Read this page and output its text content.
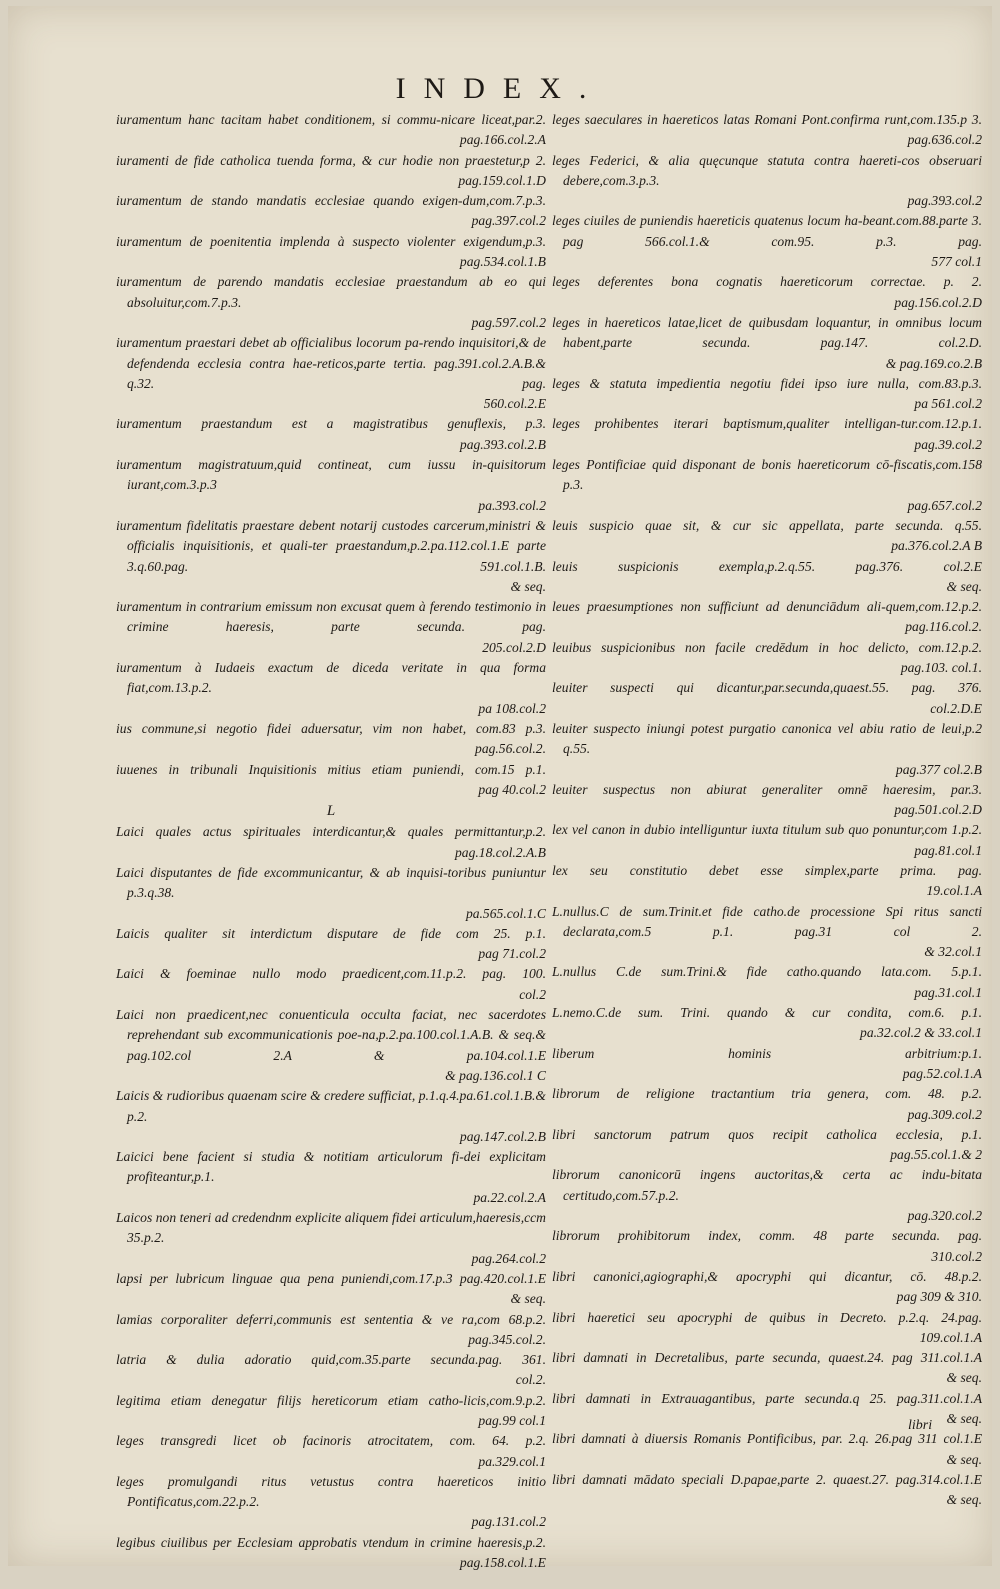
INDEX.
iuramentum hanc tacitam habet conditionem, si commu-nicare liceat,par.2.
pag.166.col.2.A
iuramenti de fide catholica tuenda forma, & cur hodie non praestetur,p 2.
pag.159.col.1.D
iuramentum de stando mandatis ecclesiae quando exigen-dum,com.7.p.3.
pag.397.col.2
iuramentum de poenitentia implenda à suspecto violenter exigendum,p.3.
pag.534.col.1.B
iuramentum de parendo mandatis ecclesiae praestandum ab eo qui absoluitur,com.7.p.3.
pag.597.col.2
iuramentum praestari debet ab officialibus locorum pa-rendo inquisitori,& de defendenda ecclesia contra hae-reticos,parte tertia. pag.391.col.2.A.B.& q.32. pag.
560.col.2.E
iuramentum praestandum est a magistratibus genuflexis, p.3.
pag.393.col.2.B
iuramentum magistratuum,quid contineat, cum iussu in-quisitorum iurant,com.3.p.3
pa.393.col.2
iuramentum fidelitatis praestare debent notarij custodes carcerum,ministri & officialis inquisitionis, et quali-ter praestandum,p.2.pa.112.col.1.E parte 3.q.60.pag. 591.col.1.B.
& seq.
iuramentum in contrarium emissum non excusat quem à ferendo testimonio in crimine haeresis, parte secunda. pag.
205.col.2.D
iuramentum à Iudaeis exactum de diceda veritate in qua forma fiat,com.13.p.2.
pa 108.col.2
ius commune,si negotio fidei aduersatur, vim non habet, com.83 p.3.
pag.56.col.2.
iuuenes in tribunali Inquisitionis mitius etiam puniendi, com.15 p.1.
pag 40.col.2
L
Laici quales actus spirituales interdicantur,& quales permittantur,p.2.
pag.18.col.2.A.B
Laici disputantes de fide excommunicantur, & ab inquisi-toribus puniuntur p.3.q.38.
pa.565.col.1.C
Laicis qualiter sit interdictum disputare de fide com 25. p.1.
pag 71.col.2
Laici & foeminae nullo modo praedicent,com.11.p.2. pag. 100.
col.2
Laici non praedicent,nec conuenticula occulta faciat, nec sacerdotes reprehendant sub excommunicationis poe-na,p.2.pa.100.col.1.A.B. & seq.& pag.102.col 2.A & pa.104.col.1.E
& pag.136.col.1 C
Laicis & rudioribus quaenam scire & credere sufficiat, p.1.q.4.pa.61.col.1.B.& p.2.
pag.147.col.2.B
Laicici bene facient si studia & notitiam articulorum fi-dei explicitam profiteantur,p.1.
pa.22.col.2.A
Laicos non teneri ad credendnm explicite aliquem fidei articulum,haeresis,ccm 35.p.2.
pag.264.col.2
lapsi per lubricum linguae qua pena puniendi,com.17.p.3 pag.420.col.1.E
& seq.
lamias corporaliter deferri,communis est sententia & ve ra,com 68.p.2.
pag.345.col.2.
latria & dulia adoratio quid,com.35.parte secunda.pag. 361.
col.2.
legitima etiam denegatur filijs hereticorum etiam catho-licis,com.9.p.2.
pag.99 col.1
leges transgredi licet ob facinoris atrocitatem, com. 64. p.2.
pa.329.col.1
leges promulgandi ritus vetustus contra haereticos initio Pontificatus,com.22.p.2.
pag.131.col.2
legibus ciuilibus per Ecclesiam approbatis vtendum in crimine haeresis,p.2.
pag.158.col.1.E
leges saeculares in haereticos latas Romani Pont.confirma runt,com.135.p 3.
pag.636.col.2
leges Federici, & alia quęcunque statuta contra haereti-cos obseruari debere,com.3.p.3.
pag.393.col.2
leges ciuiles de puniendis haereticis quatenus locum ha-beant.com.88.parte 3. pag 566.col.1.& com.95. p.3. pag.
577 col.1
leges deferentes bona cognatis haereticorum correctae. p. 2.
pag.156.col.2.D
leges in haereticos latae,licet de quibusdam loquantur, in omnibus locum habent,parte secunda. pag.147. col.2.D.
& pag.169.co.2.B
leges & statuta impedientia negotiu fidei ipso iure nulla, com.83.p.3.
pa 561.col.2
leges prohibentes iterari baptismum,qualiter intelligan-tur.com.12.p.1.
pag.39.col.2
leges Pontificiae quid disponant de bonis haereticorum cō-fiscatis,com.158 p.3.
pag.657.col.2
leuis suspicio quae sit, & cur sic appellata, parte secunda. q.55.
pa.376.col.2.A B
leuis suspicionis exempla,p.2.q.55. pag.376. col.2.E
& seq.
leues praesumptiones non sufficiunt ad denunciādum ali-quem,com.12.p.2.
pag.116.col.2.
leuibus suspicionibus non facile credēdum in hoc delicto, com.12.p.2.
pag.103. col.1.
leuiter suspecti qui dicantur,par.secunda,quaest.55. pag. 376.
col.2.D.E
leuiter suspecto iniungi potest purgatio canonica vel abiu ratio de leui,p.2 q.55.
pag.377 col.2.B
leuiter suspectus non abiurat generaliter omnē haeresim, par.3.
pag.501.col.2.D
lex vel canon in dubio intelliguntur iuxta titulum sub quo ponuntur,com 1.p.2.
pag.81.col.1
lex seu constitutio debet esse simplex,parte prima. pag.
19.col.1.A
L.nullus.C de sum.Trinit.et fide catho.de processione Spi ritus sancti declarata,com.5 p.1. pag.31 col 2.
& 32.col.1
L.nullus C.de sum.Trini.& fide catho.quando lata.com. 5.p.1.
pag.31.col.1
L.nemo.C.de sum. Trini. quando & cur condita, com.6. p.1.
pa.32.col.2 & 33.col.1
liberum hominis arbitrium:p.1.
pag.52.col.1.A
librorum de religione tractantium tria genera, com. 48. p.2.
pag.309.col.2
libri sanctorum patrum quos recipit catholica ecclesia, p.1.
pag.55.col.1.& 2
librorum canonicorū ingens auctoritas,& certa ac indu-bitata certitudo,com.57.p.2.
pag.320.col.2
librorum prohibitorum index, comm. 48 parte secunda. pag.
310.col.2
libri canonici,agiographi,& apocryphi qui dicantur, cō. 48.p.2.
pag 309 & 310.
libri haeretici seu apocryphi de quibus in Decreto. p.2.q. 24.pag.
109.col.1.A
libri damnati in Decretalibus, parte secunda, quaest.24. pag 311.col.1.A
& seq.
libri damnati in Extrauagantibus, parte secunda.q 25. pag.311.col.1.A
& seq.
libri damnati à diuersis Romanis Pontificibus, par. 2.q. 26.pag 311 col.1.E
& seq.
libri damnati mādato speciali D.papae,parte 2. quaest.27. pag.314.col.1.E
& seq.
libri
